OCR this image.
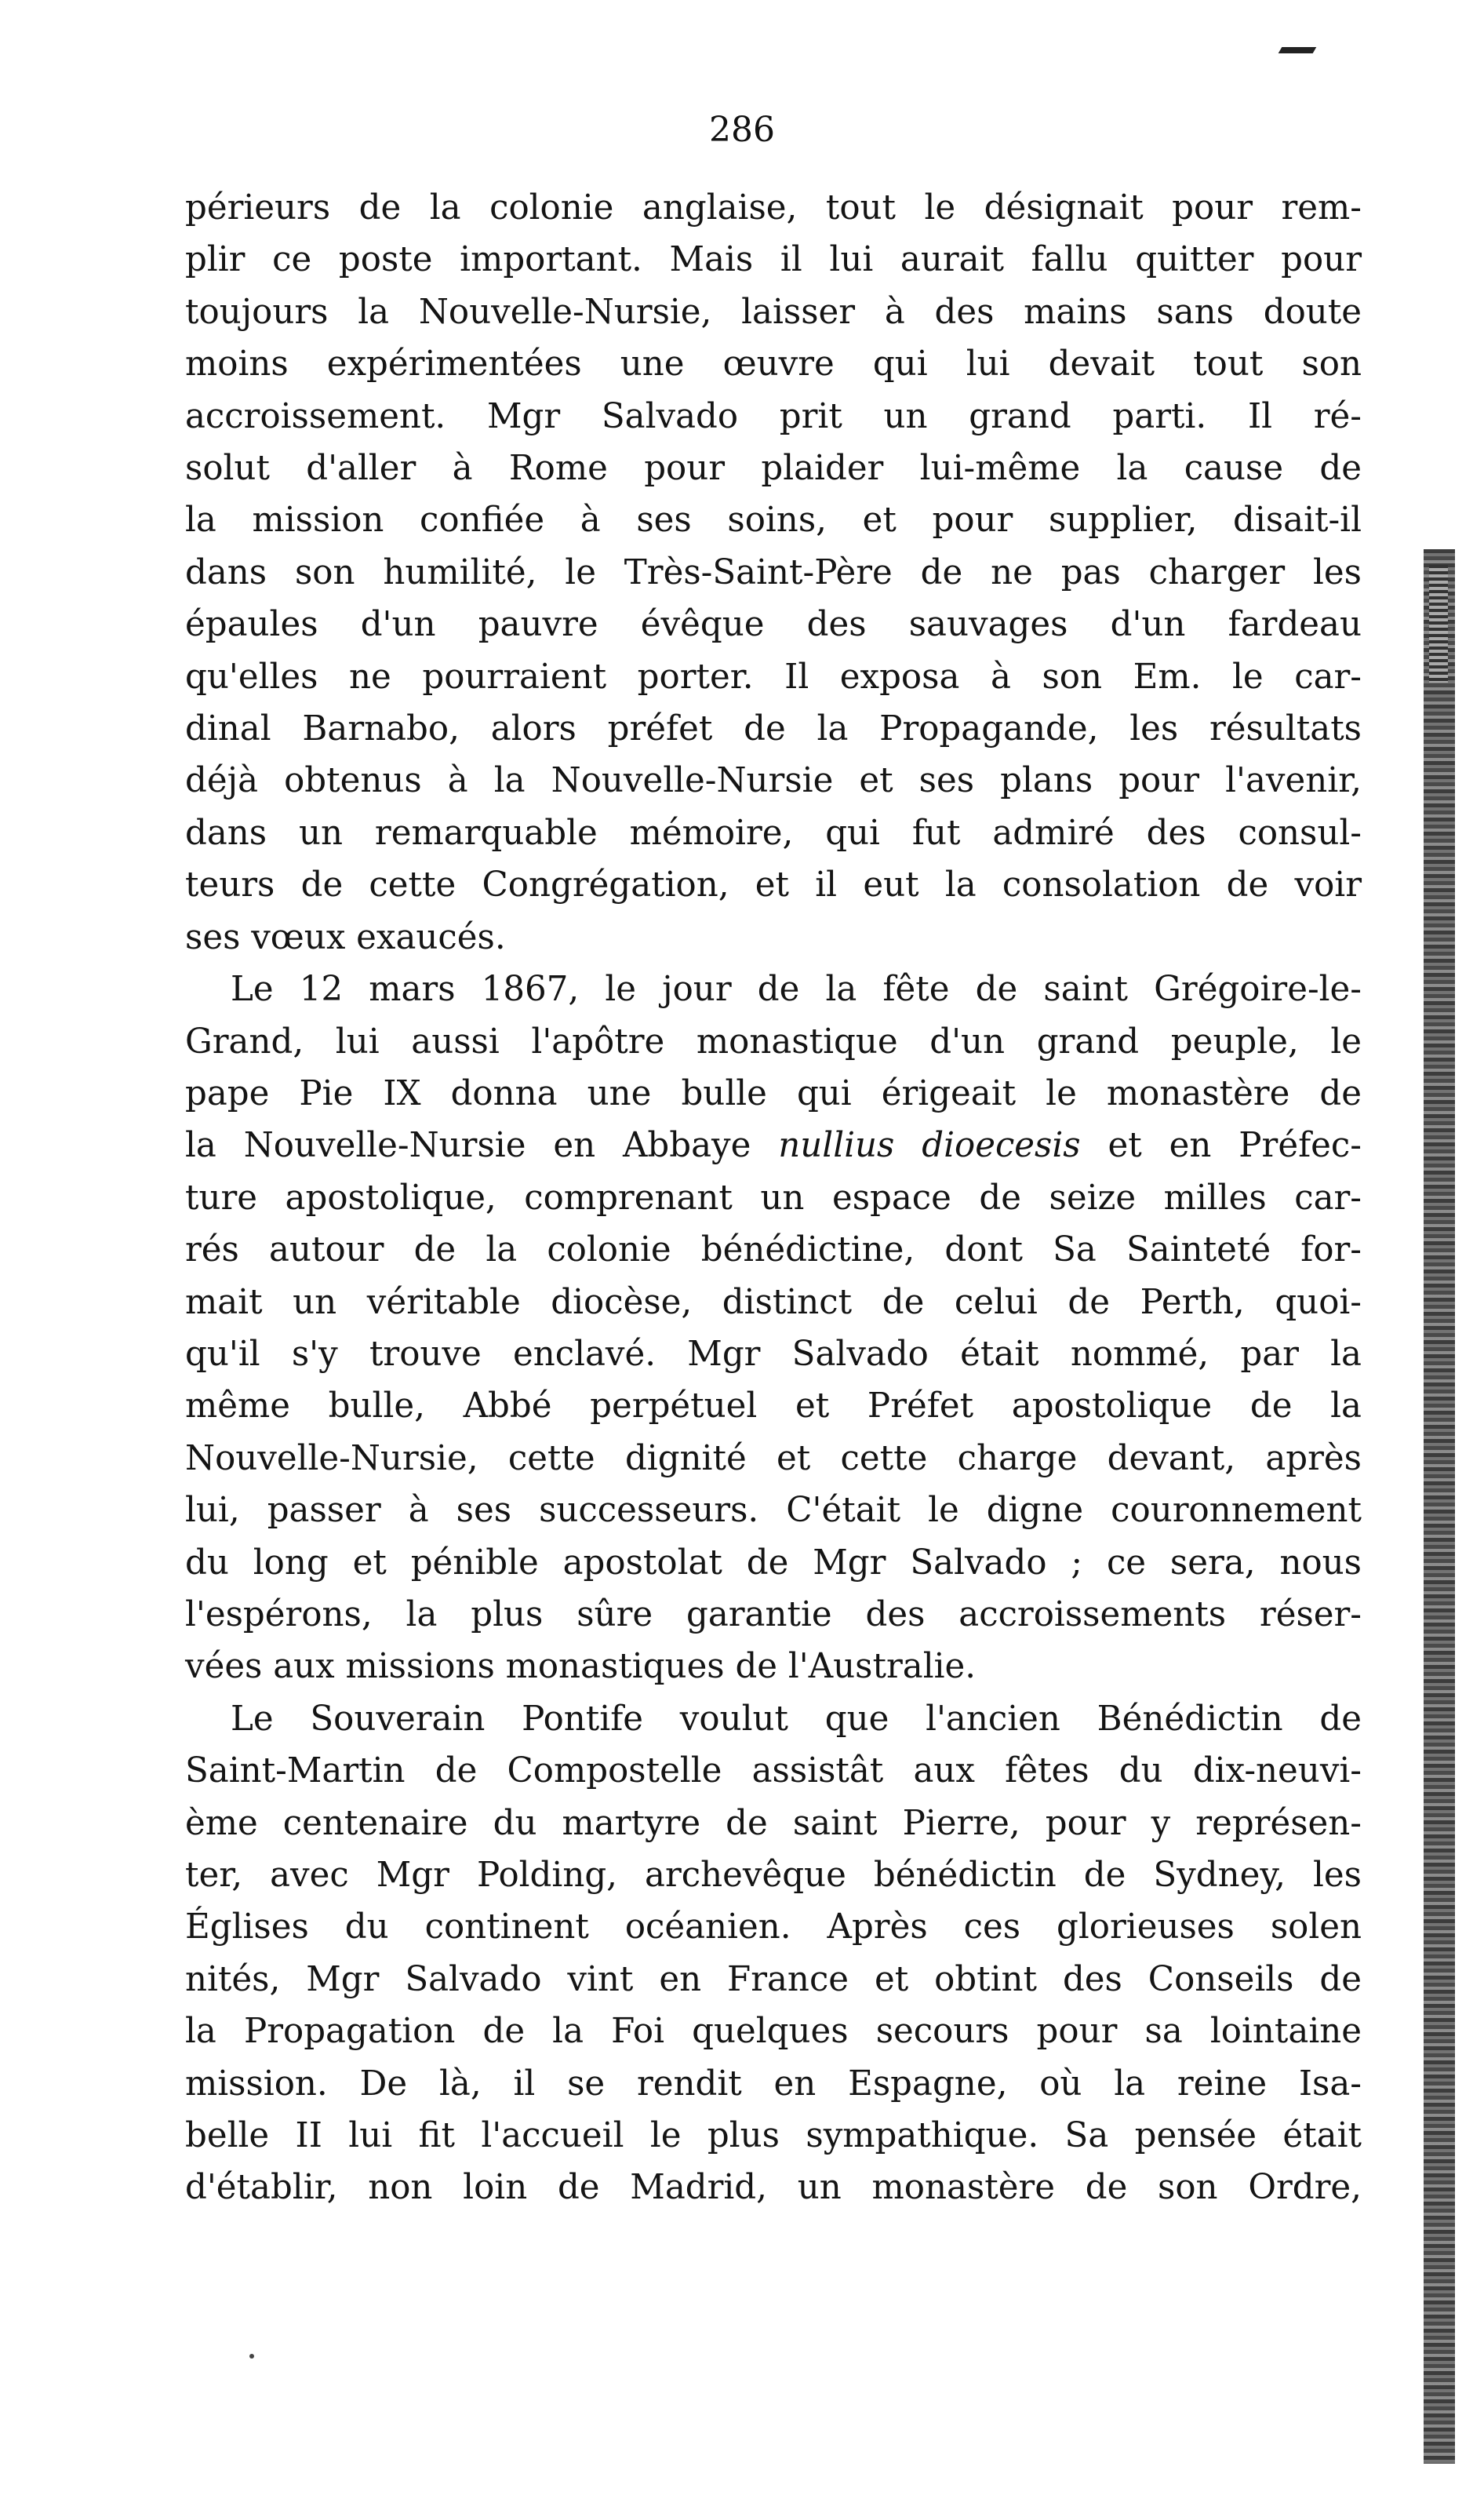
286
périeurs de la colonie anglaise, tout le désignait pour rem-
plir ce poste important. Mais il lui aurait fallu quitter pour
toujours la Nouvelle-Nursie, laisser à des mains sans doute
moins expérimentées une œuvre qui lui devait tout son
accroissement. Mgr Salvado prit un grand parti. Il ré-
solut d'aller à Rome pour plaider lui-même la cause de
la mission confiée à ses soins, et pour supplier, disait-il
dans son humilité, le Très-Saint-Père de ne pas charger les
épaules d'un pauvre évêque des sauvages d'un fardeau
qu'elles ne pourraient porter. Il exposa à son Em. le car-
dinal Barnabo, alors préfet de la Propagande, les résultats
déjà obtenus à la Nouvelle-Nursie et ses plans pour l'avenir,
dans un remarquable mémoire, qui fut admiré des consul-
teurs de cette Congrégation, et il eut la consolation de voir
ses vœux exaucés.
Le 12 mars 1867, le jour de la fête de saint Grégoire-le-
Grand, lui aussi l'apôtre monastique d'un grand peuple, le
pape Pie IX donna une bulle qui érigeait le monastère de
la Nouvelle-Nursie en Abbaye nullius dioecesis et en Préfec-
ture apostolique, comprenant un espace de seize milles car-
rés autour de la colonie bénédictine, dont Sa Sainteté for-
mait un véritable diocèse, distinct de celui de Perth, quoi-
qu'il s'y trouve enclavé. Mgr Salvado était nommé, par la
même bulle, Abbé perpétuel et Préfet apostolique de la
Nouvelle-Nursie, cette dignité et cette charge devant, après
lui, passer à ses successeurs. C'était le digne couronnement
du long et pénible apostolat de Mgr Salvado ; ce sera, nous
l'espérons, la plus sûre garantie des accroissements réser-
vées aux missions monastiques de l'Australie.
Le Souverain Pontife voulut que l'ancien Bénédictin de
Saint-Martin de Compostelle assistât aux fêtes du dix-neuvi-
ème centenaire du martyre de saint Pierre, pour y représen-
ter, avec Mgr Polding, archevêque bénédictin de Sydney, les
Églises du continent océanien. Après ces glorieuses solen
nités, Mgr Salvado vint en France et obtint des Conseils de
la Propagation de la Foi quelques secours pour sa lointaine
mission. De là, il se rendit en Espagne, où la reine Isa-
belle II lui fit l'accueil le plus sympathique. Sa pensée était
d'établir, non loin de Madrid, un monastère de son Ordre,
